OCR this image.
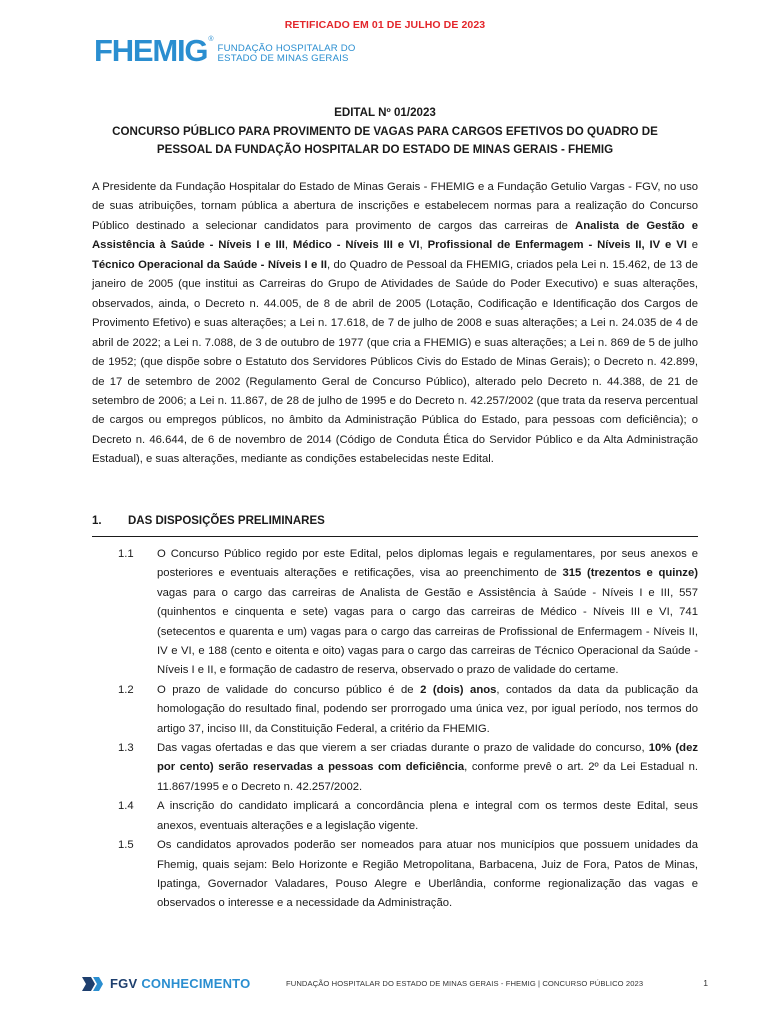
RETIFICADO EM 01 DE JULHO DE 2023
FHEMIG ®
FUNDAÇÃO HOSPITALAR DO
ESTADO DE MINAS GERAIS
EDITAL Nº 01/2023
CONCURSO PÚBLICO PARA PROVIMENTO DE VAGAS PARA CARGOS EFETIVOS DO QUADRO DE
PESSOAL DA FUNDAÇÃO HOSPITALAR DO ESTADO DE MINAS GERAIS - FHEMIG
A Presidente da Fundação Hospitalar do Estado de Minas Gerais - FHEMIG e a Fundação Getulio Vargas - FGV, no uso de suas atribuições, tornam pública a abertura de inscrições e estabelecem normas para a realização do Concurso Público destinado a selecionar candidatos para provimento de cargos das carreiras de Analista de Gestão e Assistência à Saúde - Níveis I e III, Médico - Níveis III e VI, Profissional de Enfermagem - Níveis II, IV e VI e Técnico Operacional da Saúde - Níveis I e II, do Quadro de Pessoal da FHEMIG, criados pela Lei n. 15.462, de 13 de janeiro de 2005 (que institui as Carreiras do Grupo de Atividades de Saúde do Poder Executivo) e suas alterações, observados, ainda, o Decreto n. 44.005, de 8 de abril de 2005 (Lotação, Codificação e Identificação dos Cargos de Provimento Efetivo) e suas alterações; a Lei n. 17.618, de 7 de julho de 2008 e suas alterações; a Lei n. 24.035 de 4 de abril de 2022; a Lei n. 7.088, de 3 de outubro de 1977 (que cria a FHEMIG) e suas alterações; a Lei n. 869 de 5 de julho de 1952; (que dispõe sobre o Estatuto dos Servidores Públicos Civis do Estado de Minas Gerais); o Decreto n. 42.899, de 17 de setembro de 2002 (Regulamento Geral de Concurso Público), alterado pelo Decreto n. 44.388, de 21 de setembro de 2006; a Lei n. 11.867, de 28 de julho de 1995 e do Decreto n. 42.257/2002 (que trata da reserva percentual de cargos ou empregos públicos, no âmbito da Administração Pública do Estado, para pessoas com deficiência); o Decreto n. 46.644, de 6 de novembro de 2014 (Código de Conduta Ética do Servidor Público e da Alta Administração Estadual), e suas alterações, mediante as condições estabelecidas neste Edital.
1. DAS DISPOSIÇÕES PRELIMINARES
1.1 O Concurso Público regido por este Edital, pelos diplomas legais e regulamentares, por seus anexos e posteriores e eventuais alterações e retificações, visa ao preenchimento de 315 (trezentos e quinze) vagas para o cargo das carreiras de Analista de Gestão e Assistência à Saúde - Níveis I e III, 557 (quinhentos e cinquenta e sete) vagas para o cargo das carreiras de Médico - Níveis III e VI, 741 (setecentos e quarenta e um) vagas para o cargo das carreiras de Profissional de Enfermagem - Níveis II, IV e VI, e 188 (cento e oitenta e oito) vagas para o cargo das carreiras de Técnico Operacional da Saúde - Níveis I e II, e formação de cadastro de reserva, observado o prazo de validade do certame.
1.2 O prazo de validade do concurso público é de 2 (dois) anos, contados da data da publicação da homologação do resultado final, podendo ser prorrogado uma única vez, por igual período, nos termos do artigo 37, inciso III, da Constituição Federal, a critério da FHEMIG.
1.3 Das vagas ofertadas e das que vierem a ser criadas durante o prazo de validade do concurso, 10% (dez por cento) serão reservadas a pessoas com deficiência, conforme prevê o art. 2º da Lei Estadual n. 11.867/1995 e o Decreto n. 42.257/2002.
1.4 A inscrição do candidato implicará a concordância plena e integral com os termos deste Edital, seus anexos, eventuais alterações e a legislação vigente.
1.5 Os candidatos aprovados poderão ser nomeados para atuar nos municípios que possuem unidades da Fhemig, quais sejam: Belo Horizonte e Região Metropolitana, Barbacena, Juiz de Fora, Patos de Minas, Ipatinga, Governador Valadares, Pouso Alegre e Uberlândia, conforme regionalização das vagas e observados o interesse e a necessidade da Administração.
FGV CONHECIMENTO	FUNDAÇÃO HOSPITALAR DO ESTADO DE MINAS GERAIS - FHEMIG | CONCURSO PÚBLICO 2023	1
